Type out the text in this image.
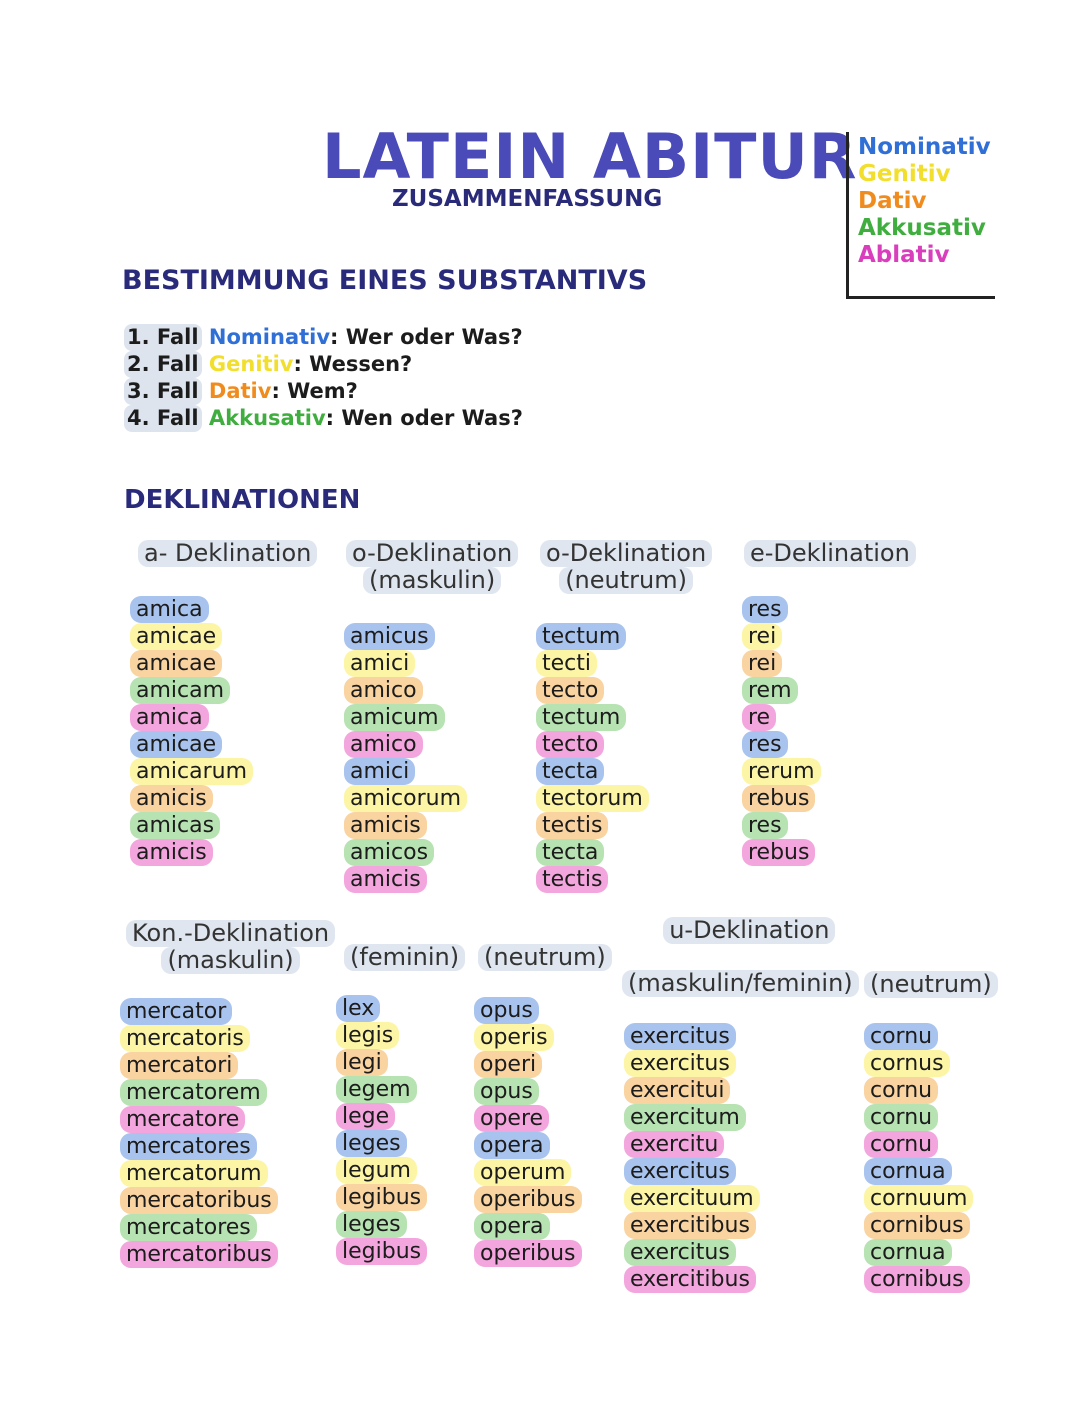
LATEIN ABITUR
ZUSAMMENFASSUNG
Nominativ
Genitiv
Dativ
Akkusativ
Ablativ
BESTIMMUNG EINES SUBSTANTIVS
1. Fall Nominativ: Wer oder Was?
2. Fall Genitiv: Wessen?
3. Fall Dativ: Wem?
4. Fall Akkusativ: Wen oder Was?
DEKLINATIONEN
a- Deklination
amica
amicae
amicae
amicam
amica
amicae
amicarum
amicis
amicas
amicis
o-Deklination
(maskulin)
amicus
amici
amico
amicum
amico
amici
amicorum
amicis
amicos
amicis
o-Deklination
(neutrum)
tectum
tecti
tecto
tectum
tecto
tecta
tectorum
tectis
tecta
tectis
e-Deklination
res
rei
rei
rem
re
res
rerum
rebus
res
rebus
Kon.-Deklination
(maskulin)
mercator
mercatoris
mercatori
mercatorem
mercatore
mercatores
mercatorum
mercatoribus
mercatores
mercatoribus
(feminin)
lex
legis
legi
legem
lege
leges
legum
legibus
leges
legibus
(neutrum)
opus
operis
operi
opus
opere
opera
operum
operibus
opera
operibus
u-Deklination
(maskulin/feminin)
exercitus
exercitus
exercitui
exercitum
exercitu
exercitus
exercituum
exercitibus
exercitus
exercitibus
(neutrum)
cornu
cornus
cornu
cornu
cornu
cornua
cornuum
cornibus
cornua
cornibus
